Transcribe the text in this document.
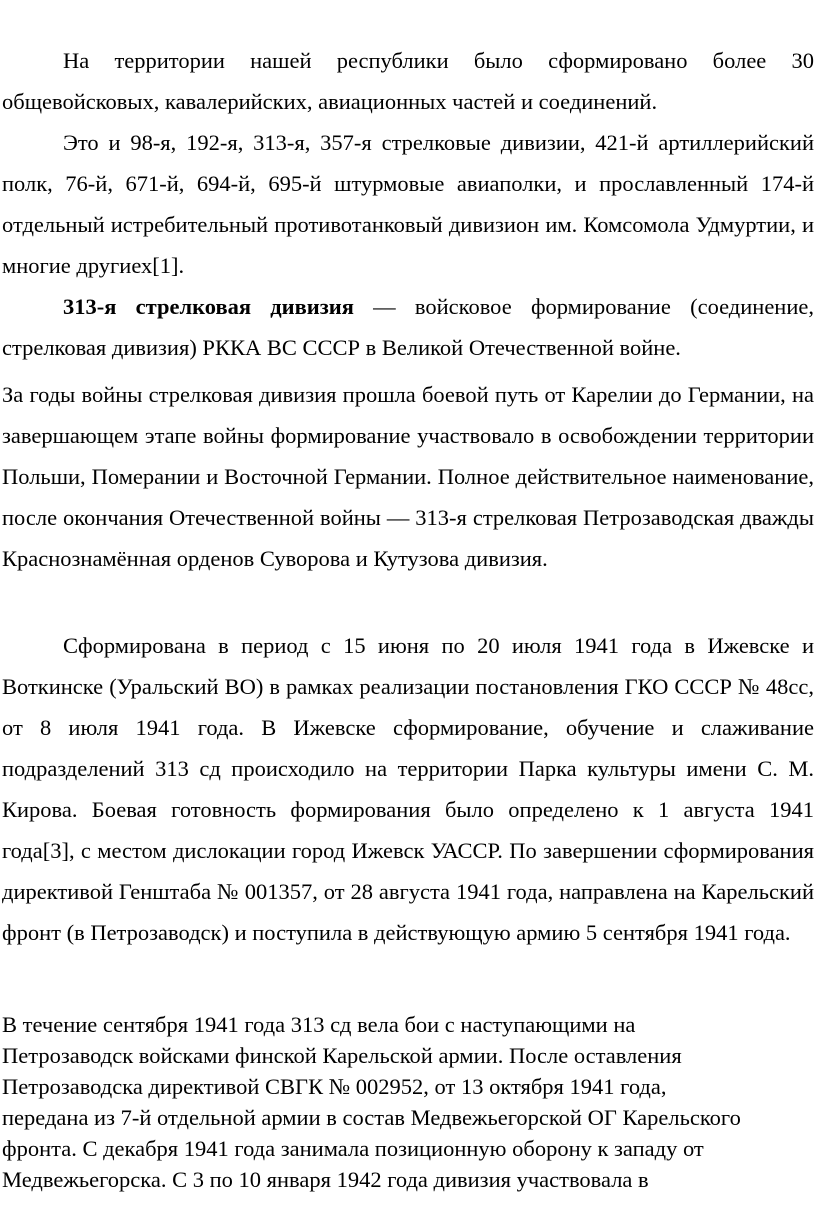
На территории нашей республики было сформировано более 30 общевойсковых, кавалерийских, авиационных частей и соединений.

Это и 98-я, 192-я, 313-я, 357-я стрелковые дивизии, 421-й артиллерийский полк, 76-й, 671-й, 694-й, 695-й штурмовые авиаполки, и прославленный 174-й отдельный истребительный противотанковый дивизион им. Комсомола Удмуртии, и многие другиех[1].

313-я стрелковая дивизия — войсковое формирование (соединение, стрелковая дивизия) РККА ВС СССР в Великой Отечественной войне.

За годы войны стрелковая дивизия прошла боевой путь от Карелии до Германии, на завершающем этапе войны формирование участвовало в освобождении территории Польши, Померании и Восточной Германии. Полное действительное наименование, после окончания Отечественной войны — 313-я стрелковая Петрозаводская дважды Краснознамённая орденов Суворова и Кутузова дивизия.

Сформирована в период с 15 июня по 20 июля 1941 года в Ижевске и Воткинске (Уральский ВО) в рамках реализации постановления ГКО СССР № 48сс, от 8 июля 1941 года. В Ижевске сформирование, обучение и слаживание подразделений 313 сд происходило на территории Парка культуры имени С. М. Кирова. Боевая готовность формирования было определено к 1 августа 1941 года[3], с местом дислокации город Ижевск УАССР. По завершении сформирования директивой Генштаба № 001357, от 28 августа 1941 года, направлена на Карельский фронт (в Петрозаводск) и поступила в действующую армию 5 сентября 1941 года.

В течение сентября 1941 года 313 сд вела бои с наступающими на
Петрозаводск войсками финской Карельской армии. После оставления
Петрозаводска директивой СВГК № 002952, от 13 октября 1941 года,
передана из 7-й отдельной армии в состав Медвежьегорской ОГ Карельского
фронта. С декабря 1941 года занимала позиционную оборону к западу от
Медвежьегорска. С 3 по 10 января 1942 года дивизия участвовала в
